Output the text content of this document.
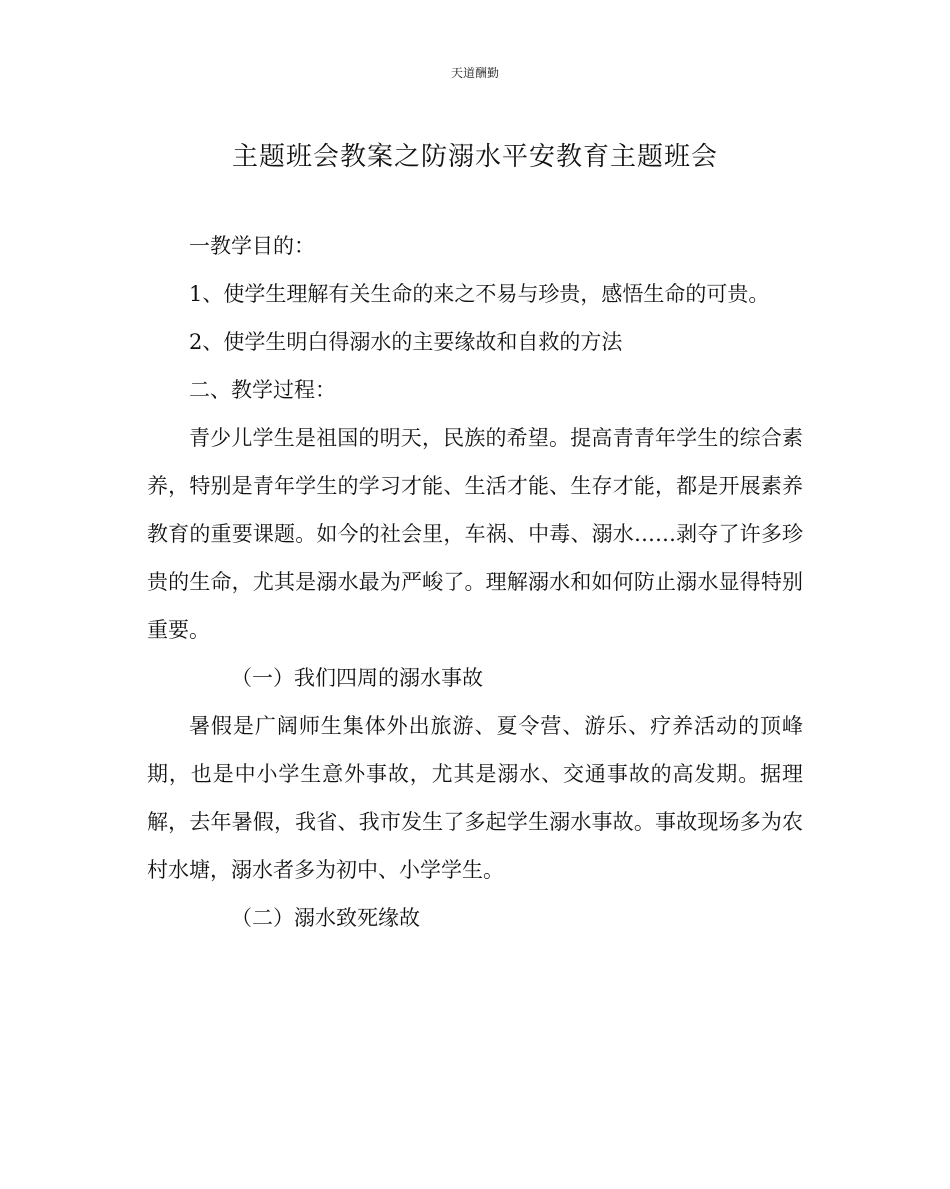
天道酬勤
主题班会教案之防溺水平安教育主题班会

一教学目的：

1、使学生理解有关生命的来之不易与珍贵，感悟生命的可贵。

2、使学生明白得溺水的主要缘故和自救的方法

二、教学过程：

青少儿学生是祖国的明天，民族的希望。提高青青年学生的综合素养，特别是青年学生的学习才能、生活才能、生存才能，都是开展素养教育的重要课题。如今的社会里，车祸、中毒、溺水……剥夺了许多珍贵的生命，尤其是溺水最为严峻了。理解溺水和如何防止溺水显得特别重要。

（一）我们四周的溺水事故

暑假是广阔师生集体外出旅游、夏令营、游乐、疗养活动的顶峰期，也是中小学生意外事故，尤其是溺水、交通事故的高发期。据理解，去年暑假，我省、我市发生了多起学生溺水事故。事故现场多为农村水塘，溺水者多为初中、小学学生。

（二）溺水致死缘故
